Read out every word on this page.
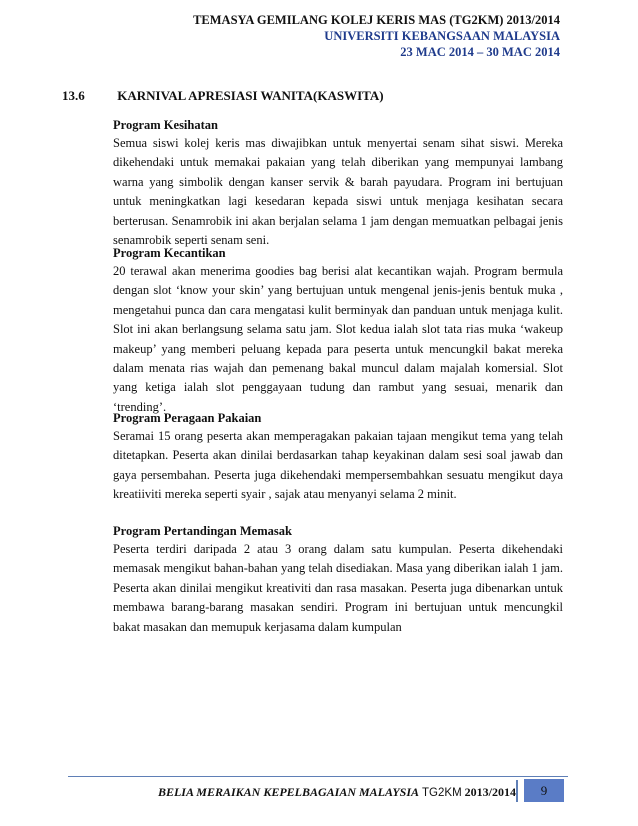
TEMASYA GEMILANG KOLEJ KERIS MAS (TG2KM) 2013/2014
UNIVERSITI KEBANGSAAN MALAYSIA
23 MAC 2014 – 30 MAC 2014
13.6	KARNIVAL APRESIASI WANITA(KASWITA)
Program Kesihatan

Semua siswi kolej keris mas diwajibkan untuk menyertai senam sihat siswi. Mereka dikehendaki untuk memakai pakaian yang telah diberikan yang mempunyai lambang warna yang simbolik dengan kanser servik & barah payudara. Program ini bertujuan untuk meningkatkan lagi kesedaran kepada siswi untuk menjaga kesihatan secara berterusan. Senamrobik ini akan berjalan selama 1 jam dengan memuatkan pelbagai jenis senamrobik seperti senam seni.

Program Kecantikan

20 terawal akan menerima goodies bag berisi alat kecantikan wajah. Program bermula dengan slot ‘know your skin’ yang bertujuan untuk mengenal jenis-jenis bentuk muka , mengetahui punca dan cara mengatasi kulit berminyak dan panduan untuk menjaga kulit. Slot ini akan berlangsung selama satu jam. Slot kedua ialah slot tata rias muka ‘wakeup makeup’ yang memberi peluang kepada para peserta untuk mencungkil bakat mereka dalam menata rias wajah dan pemenang bakal muncul dalam majalah komersial. Slot yang ketiga ialah slot penggayaan tudung dan rambut yang sesuai, menarik dan ‘trending’.

Program Peragaan Pakaian

Seramai 15 orang peserta akan memperagakan pakaian tajaan mengikut tema yang telah ditetapkan. Peserta akan dinilai berdasarkan tahap keyakinan dalam sesi soal jawab dan gaya persembahan. Peserta juga dikehendaki mempersembahkan sesuatu mengikut daya kreatiiviti mereka seperti syair , sajak atau menyanyi selama 2 minit.

Program Pertandingan Memasak

Peserta terdiri daripada 2 atau 3 orang dalam satu kumpulan. Peserta dikehendaki memasak mengikut bahan-bahan yang telah disediakan. Masa yang diberikan ialah 1 jam. Peserta akan dinilai mengikut kreativiti dan rasa masakan. Peserta juga dibenarkan untuk membawa barang-barang masakan sendiri. Program ini bertujuan untuk mencungkil bakat masakan dan memupuk kerjasama dalam kumpulan

BELIA MERAIKAN KEPELBAGAIAN MALAYSIA TG2KM 2013/2014	9
